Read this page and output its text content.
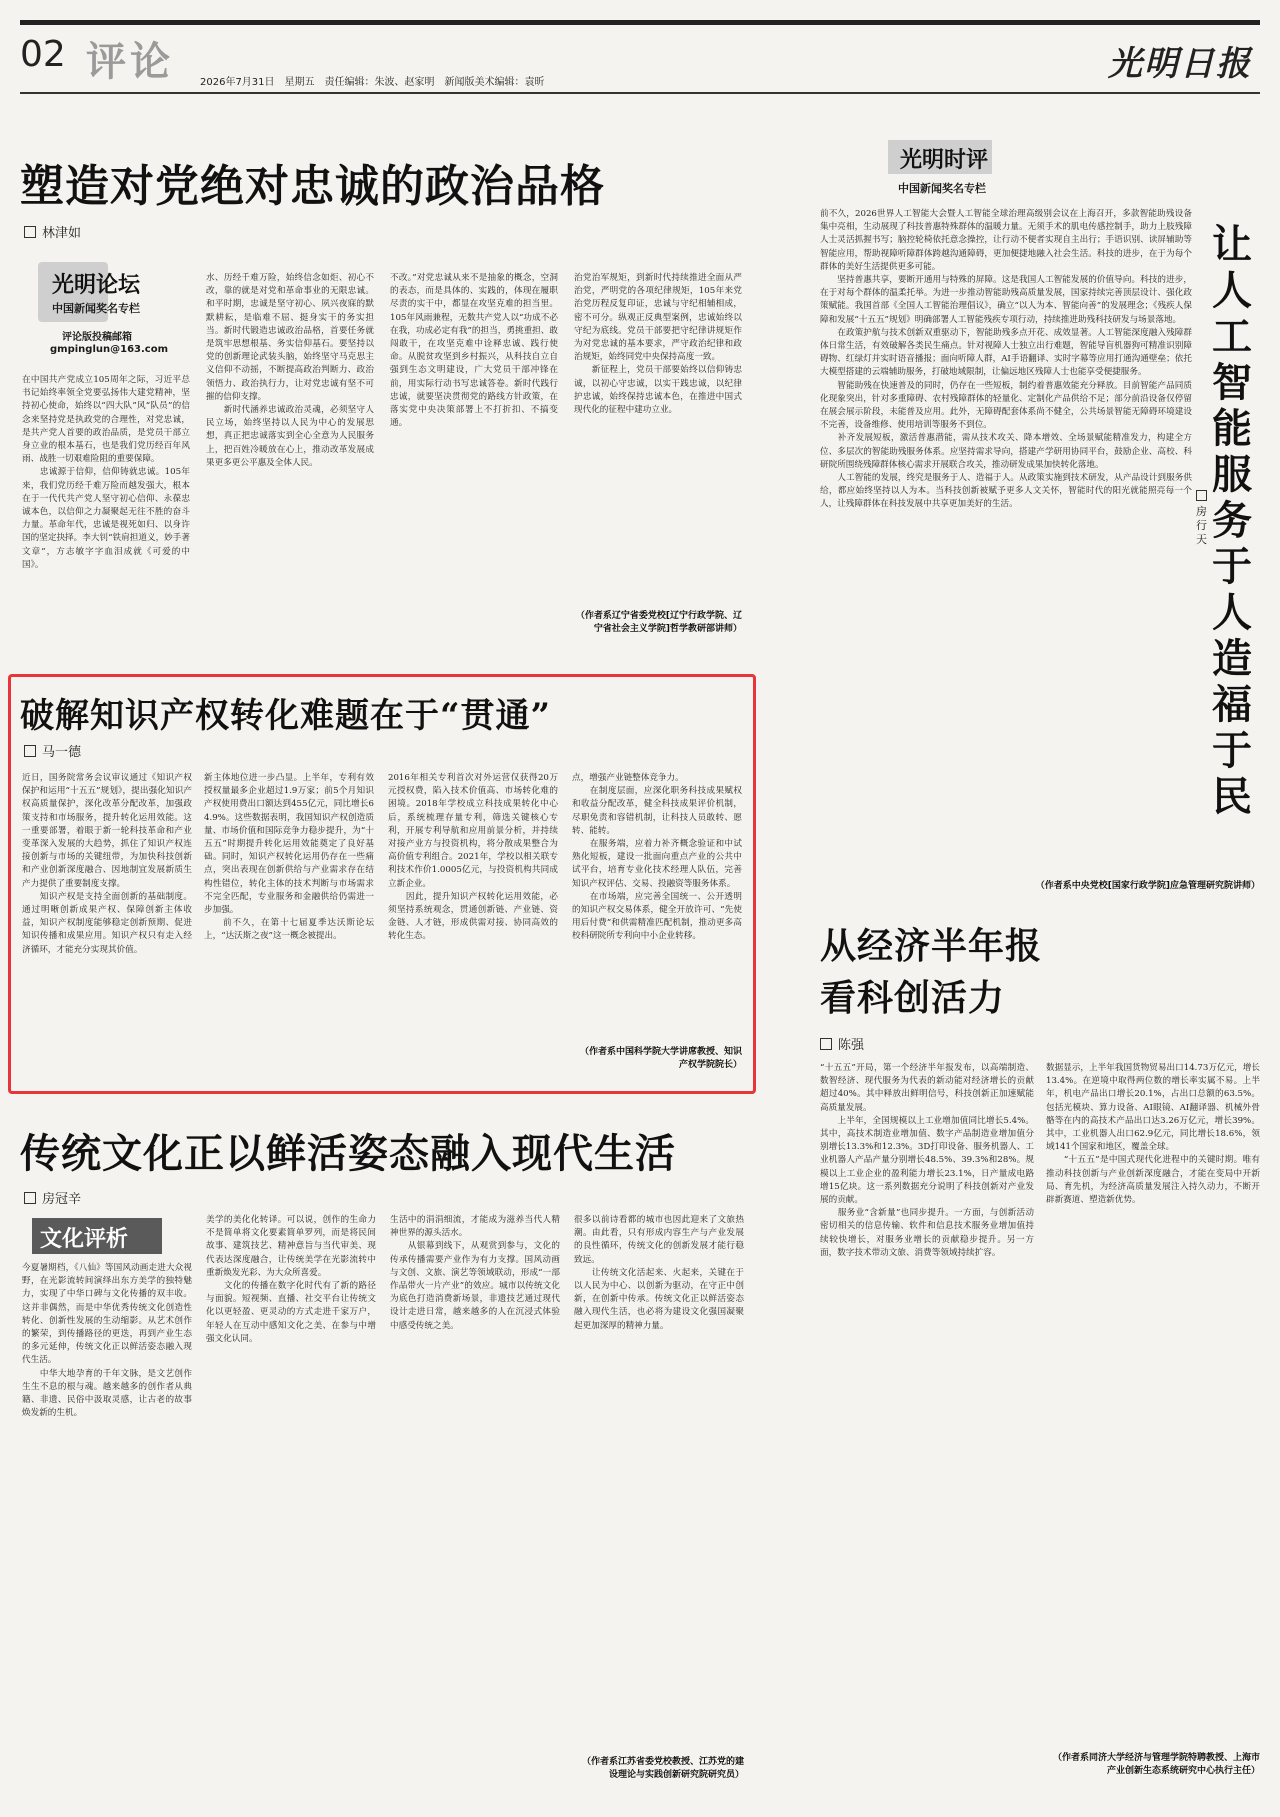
02 评论	2026年7月31日　星期五　责任编辑：朱波、赵家明　新闻版美术编辑：袁昕	光明日报
塑造对党绝对忠诚的政治品格
林津如
光明论坛
中国新闻奖名专栏
评论版投稿邮箱
gmpinglun@163.com
在中国共产党成立105周年之际，习近平总书记始终率领全党要弘扬伟大建党精神，坚持初心使命，始终以“四大队”风“队员”的信念来坚持党是执政党的合理性，对党忠诚，是共产党人首要的政治品质，是党员干部立身立业的根本基石，也是我们党历经百年风雨、战胜一切艰难险阻的重要保障。
　　忠诚源于信仰，信仰铸就忠诚。105年来，我们党历经千难万险而越发强大，根本在于一代代共产党人坚守初心信仰、永葆忠诚本色，以信仰之力凝聚起无往不胜的奋斗力量。革命年代，忠诚是视死如归、以身许国的坚定抉择。李大钊“铁肩担道义，妙手著文章”，方志敏字字血泪成就《可爱的中国》。
水、历经千难万险，始终信念如炬、初心不改，靠的就是对党和革命事业的无限忠诚。和平时期，忠诚是坚守初心、夙兴夜寐的默默耕耘，是临难不屈、挺身实干的务实担当。新时代锻造忠诚政治品格，首要任务就是筑牢思想根基、务实信仰基石。要坚持以党的创新理论武装头脑，始终坚守马克思主义信仰不动摇，不断提高政治判断力、政治领悟力、政治执行力，让对党忠诚有坚不可摧的信仰支撑。
　　新时代涵养忠诚政治灵魂，必须坚守人民立场，始终坚持以人民为中心的发展思想，真正把忠诚落实到全心全意为人民服务上，把百姓冷暖放在心上，推动改革发展成果更多更公平惠及全体人民。
不改。”对党忠诚从来不是抽象的概念，空洞的表态，而是具体的、实践的，体现在履职尽责的实干中，都显在攻坚克难的担当里。105年风雨兼程，无数共产党人以“功成不必在我，功成必定有我”的担当，勇挑重担、敢闯敢干，在攻坚克难中诠释忠诚、践行使命。从脱贫攻坚到乡村振兴，从科技自立自强到生态文明建设，广大党员干部冲锋在前，用实际行动书写忠诚答卷。新时代践行忠诚，就要坚决贯彻党的路线方针政策，在落实党中央决策部署上不打折扣、不搞变通。
治党治军规矩，到新时代持续推进全面从严治党，严明党的各项纪律规矩，105年来党治党历程反复印证，忠诚与守纪相辅相成，密不可分。纵观正反典型案例，忠诚始终以守纪为底线。党员干部要把守纪律讲规矩作为对党忠诚的基本要求，严守政治纪律和政治规矩，始终同党中央保持高度一致。
　　新征程上，党员干部要始终以信仰铸忠诚，以初心守忠诚，以实干践忠诚，以纪律护忠诚，始终保持忠诚本色，在推进中国式现代化的征程中建功立业。
（作者系辽宁省委党校[辽宁行政学院、辽宁省社会主义学院]哲学教研部讲师）
破解知识产权转化难题在于“贯通”
马一德
近日，国务院常务会议审议通过《知识产权保护和运用“十五五”规划》，提出强化知识产权高质量保护，深化改革分配改革，加强政策支持和市场服务，提升转化运用效能。这一重要部署，着眼于新一轮科技革命和产业变革深入发展的大趋势，抓住了知识产权连接创新与市场的关键纽带，为加快科技创新和产业创新深度融合、因地制宜发展新质生产力提供了重要制度支撑。
　　知识产权是支持全面创新的基础制度。通过明晰创新成果产权、保障创新主体收益，知识产权制度能够稳定创新预期、促进知识传播和成果应用。知识产权只有走入经济循环，才能充分实现其价值。
新主体地位进一步凸显。上半年，专利有效授权量最多企业超过1.9万家；前5个月知识产权使用费出口额达到455亿元，同比增长64.9%。这些数据表明，我国知识产权创造质量、市场价值和国际竞争力稳步提升，为“十五五”时期提升转化运用效能奠定了良好基础。同时，知识产权转化运用仍存在一些痛点，突出表现在创新供给与产业需求存在结构性错位，转化主体的技术判断与市场需求不完全匹配，专业服务和金融供给仍需进一步加强。
　　前不久，在第十七届夏季达沃斯论坛上，“达沃斯之夜”这一概念被提出。
2016年相关专利首次对外运营仅获得20万元授权费，陷入技术价值高、市场转化难的困境。2018年学校成立科技成果转化中心后，系统梳理存量专利，筛选关键核心专利，开展专利导航和应用前景分析，并持续对接产业方与投资机构，将分散成果整合为高价值专利组合。2021年，学校以相关联专利技术作价1.0005亿元，与投资机构共同成立新企业。
　　因此，提升知识产权转化运用效能，必须坚持系统观念，贯通创新链、产业链、资金链、人才链，形成供需对接、协同高效的转化生态。
点，增强产业链整体竞争力。
　　在制度层面，应深化职务科技成果赋权和收益分配改革，健全科技成果评价机制，尽职免责和容错机制，让科技人员敢转、愿转、能转。
　　在服务端，应着力补齐概念验证和中试熟化短板，建设一批面向重点产业的公共中试平台，培育专业化技术经理人队伍，完善知识产权评估、交易、投融资等服务体系。
　　在市场端，应完善全国统一、公开透明的知识产权交易体系，健全开放许可、“先使用后付费”和供需精准匹配机制，推动更多高校科研院所专利向中小企业转移。
（作者系中国科学院大学讲席教授、知识产权学院院长）
光明时评
中国新闻奖名专栏
前不久，2026世界人工智能大会暨人工智能全球治理高级别会议在上海召开，多款智能助残设备集中亮相，生动展现了科技普惠特殊群体的温暖力量。无须手术的肌电传感控制手，助力上肢残障人士灵活抓握书写；脑控轮椅依托意念操控，让行动不便者实现自主出行；手语识别、读屏辅助等智能应用，帮助视障听障群体跨越沟通障碍，更加便捷地融入社会生活。科技的进步，在于为每个群体的美好生活提供更多可能。
　　坚持普惠共享，要断开通用与特殊的屏障。这是我国人工智能发展的价值导向。科技的进步，在于对每个群体的温柔托举。为进一步推动智能助残高质量发展，国家持续完善顶层设计、强化政策赋能。我国首部《全国人工智能治理倡议》，确立“以人为本、智能向善”的发展理念；《残疾人保障和发展“十五五”规划》明确部署人工智能残疾专项行动，持续推进助残科技研发与场景落地。
　　在政策护航与技术创新双重驱动下，智能助残多点开花、成效显著。人工智能深度融入残障群体日常生活，有效破解各类民生痛点。针对视障人士独立出行难题，智能导盲机器狗可精准识别障碍物、红绿灯并实时语音播报；面向听障人群，AI手语翻译、实时字幕等应用打通沟通壁垒；依托大模型搭建的云端辅助服务，打破地域限制，让偏远地区残障人士也能享受便捷服务。
　　智能助残在快速普及的同时，仍存在一些短板，制约着普惠效能充分释放。目前智能产品同质化现象突出，针对多重障碍、农村残障群体的轻量化、定制化产品供给不足；部分前沿设备仅停留在展会展示阶段，未能普及应用。此外，无障碍配套体系尚不健全，公共场景智能无障碍环境建设不完善，设备维修、使用培训等服务不到位。
　　补齐发展短板，激活普惠潜能，需从技术攻关、降本增效、全场景赋能精准发力，构建全方位、多层次的智能助残服务体系。应坚持需求导向，搭建产学研用协同平台，鼓励企业、高校、科研院所围绕残障群体核心需求开展联合攻关，推动研发成果加快转化落地。
　　人工智能的发展，终究是服务于人、造福于人。从政策实施到技术研发，从产品设计到服务供给，都应始终坚持以人为本。当科技创新被赋予更多人文关怀，智能时代的阳光就能照亮每一个人，让残障群体在科技发展中共享更加美好的生活。
让人工智能服务于人造福于民
房行天
（作者系中央党校[国家行政学院]应急管理研究院讲师）
从经济半年报
看科创活力
陈强
“十五五”开局，第一个经济半年报发布，以高端制造、数智经济、现代服务为代表的新动能对经济增长的贡献超过40%。其中释放出鲜明信号，科技创新正加速赋能高质量发展。
　　上半年，全国规模以上工业增加值同比增长5.4%。其中，高技术制造业增加值、数字产品制造业增加值分别增长13.3%和12.3%。3D打印设备、服务机器人、工业机器人产品产量分别增长48.5%、39.3%和28%。规模以上工业企业的盈利能力增长23.1%，日产量成电路增15亿块。这一系列数据充分说明了科技创新对产业发展的贡献。
　　服务业“含新量”也同步提升。一方面，与创新活动密切相关的信息传输、软件和信息技术服务业增加值持续较快增长，对服务业增长的贡献稳步提升。另一方面，数字技术带动文旅、消费等领域持续扩容。
数据显示，上半年我国货物贸易出口14.73万亿元，增长13.4%。在逆境中取得两位数的增长率实属不易。上半年，机电产品出口增长20.1%，占出口总额的63.5%。包括光模块、算力设备、AI眼镜、AI翻译器、机械外骨骼等在内的高技术产品出口达3.26万亿元，增长39%。其中，工业机器人出口62.9亿元，同比增长18.6%，领域141个国家和地区，覆盖全球。
　　“十五五”是中国式现代化进程中的关键时期。唯有推动科技创新与产业创新深度融合，才能在变局中开新局、育先机，为经济高质量发展注入持久动力，不断开辟新赛道、塑造新优势。
（作者系同济大学经济与管理学院特聘教授、上海市产业创新生态系统研究中心执行主任）
传统文化正以鲜活姿态融入现代生活
房冠辛
文化评析
今夏暑期档，《八仙》等国风动画走进大众视野，在光影流转间演绎出东方美学的独特魅力，实现了中华口碑与文化传播的双丰收。这并非偶然，而是中华优秀传统文化创造性转化、创新性发展的生动缩影。从艺术创作的繁荣，到传播路径的更迭，再到产业生态的多元延伸，传统文化正以鲜活姿态融入现代生活。
　　中华大地孕育的千年文脉，是文艺创作生生不息的根与魂。越来越多的创作者从典籍、非遗、民俗中汲取灵感，让古老的故事焕发新的生机。
美学的美化化转译。可以说，创作的生命力不是简单将文化要素简单罗列，而是将民间故事、建筑技艺、精神意旨与当代审美、现代表达深度融合，让传统美学在光影流转中重新焕发光彩、为大众所喜爱。
　　文化的传播在数字化时代有了新的路径与面貌。短视频、直播、社交平台让传统文化以更轻盈、更灵动的方式走进千家万户，年轻人在互动中感知文化之美、在参与中增强文化认同。
生活中的涓涓细流，才能成为滋养当代人精神世界的源头活水。
　　从银幕到线下，从观赏到参与，文化的传承传播需要产业作为有力支撑。国风动画与文创、文旅、演艺等领域联动，形成“一部作品带火一片产业”的效应。城市以传统文化为底色打造消费新场景，非遗技艺通过现代设计走进日常，越来越多的人在沉浸式体验中感受传统之美。
很多以前诗看都的城市也因此迎来了文旅热潮。由此看，只有形成内容生产与产业发展的良性循环，传统文化的创新发展才能行稳致远。
　　让传统文化活起来、火起来，关键在于以人民为中心、以创新为驱动，在守正中创新，在创新中传承。传统文化正以鲜活姿态融入现代生活，也必将为建设文化强国凝聚起更加深厚的精神力量。
（作者系江苏省委党校教授、江苏党的建设理论与实践创新研究院研究员）
